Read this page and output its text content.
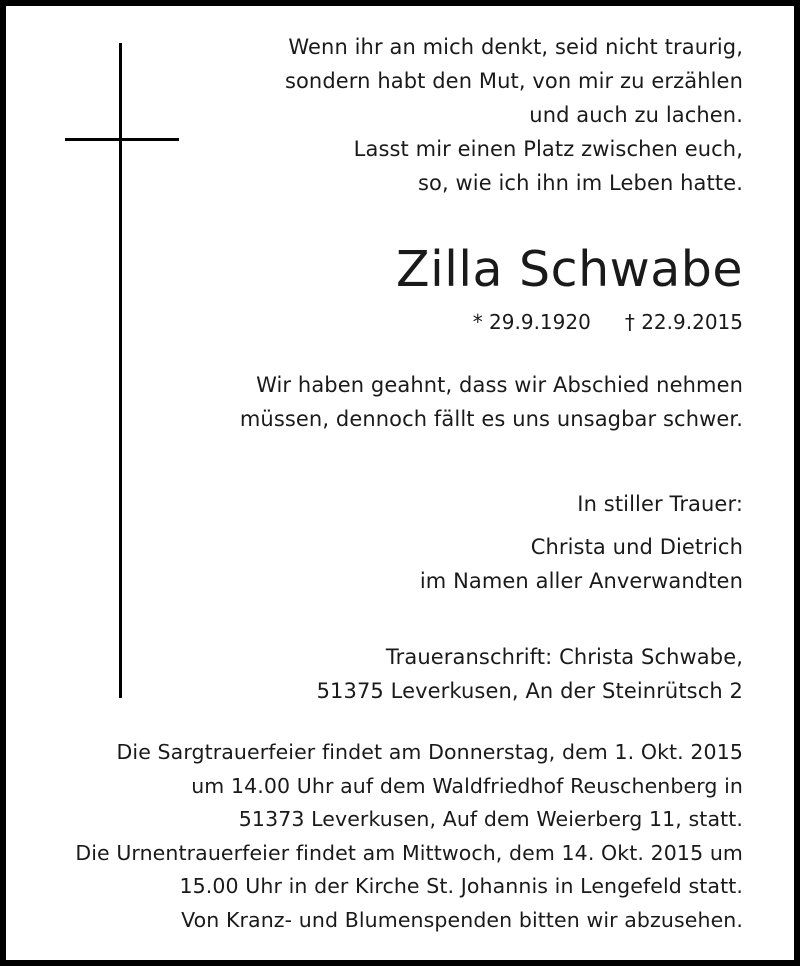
Wenn ihr an mich denkt, seid nicht traurig,
sondern habt den Mut, von mir zu erzählen
und auch zu lachen.
Lasst mir einen Platz zwischen euch,
so, wie ich ihn im Leben hatte.
Zilla Schwabe
* 29.9.1920 † 22.9.2015
Wir haben geahnt, dass wir Abschied nehmen
müssen, dennoch fällt es uns unsagbar schwer.
In stiller Trauer:
Christa und Dietrich
im Namen aller Anverwandten
Traueranschrift: Christa Schwabe,
51375 Leverkusen, An der Steinrütsch 2
Die Sargtrauerfeier findet am Donnerstag, dem 1. Okt. 2015
um 14.00 Uhr auf dem Waldfriedhof Reuschenberg in
51373 Leverkusen, Auf dem Weierberg 11, statt.
Die Urnentrauerfeier findet am Mittwoch, dem 14. Okt. 2015 um
15.00 Uhr in der Kirche St. Johannis in Lengefeld statt.
Von Kranz- und Blumenspenden bitten wir abzusehen.
